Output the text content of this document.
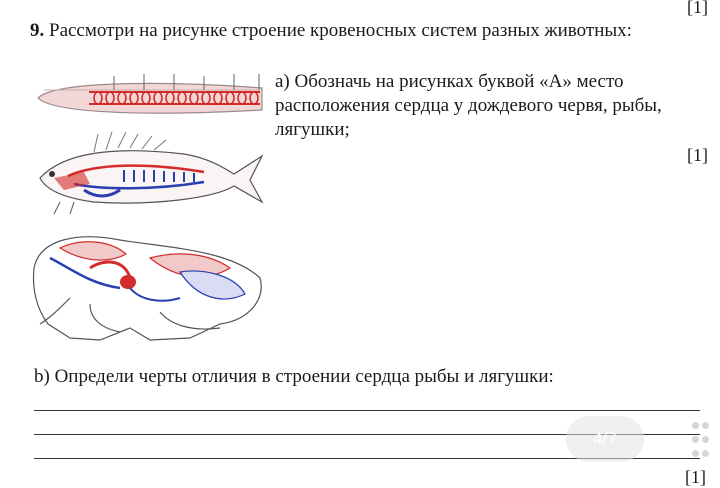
[1]
9. Рассмотри на рисунке строение кровеносных систем разных животных:
a) Обозначь на рисунках буквой «А» место расположения сердца у дождевого червя, рыбы, лягушки;
[1]
b) Определи черты отличия в строении сердца рыбы и лягушки:
4/7
[1]
